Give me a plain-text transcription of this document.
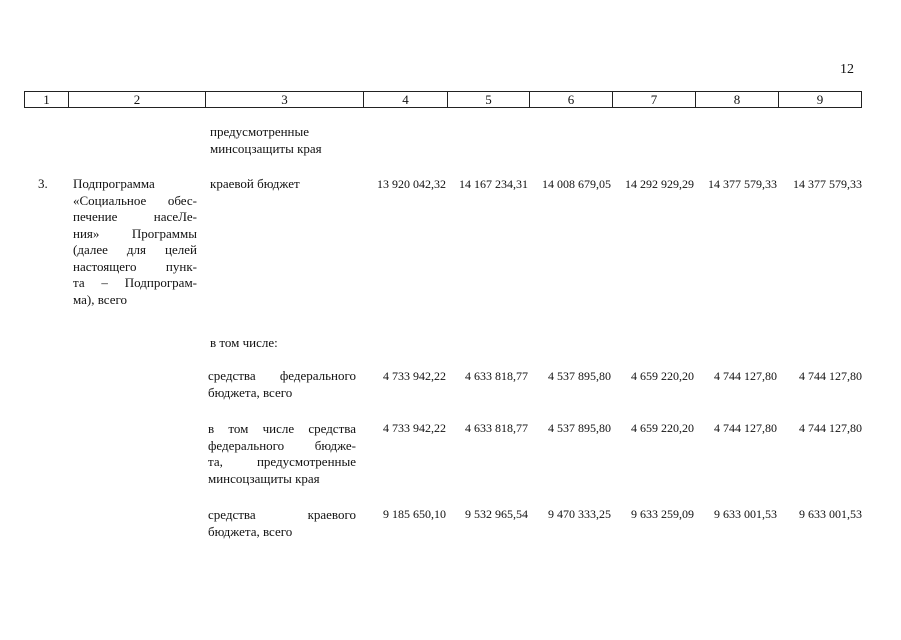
12
1	2	3	4	5	6	7	8	9
предусмотренные
минсоцзащиты края
3. Подпрограмма
«Социальное обес-
печение насеЛе-
ния» Программы
(далее для целей
настоящего пунк-
та – Подпрограм-
ма), всего
краевой бюджет	13 920 042,32	14 167 234,31	14 008 679,05	14 292 929,29	14 377 579,33	14 377 579,33
в том числе:
средства федерального
бюджета, всего
4 733 942,22	4 633 818,77	4 537 895,80	4 659 220,20	4 744 127,80	4 744 127,80
в том числе средства
федерального бюдже-
та, предусмотренные
минсоцзащиты края
4 733 942,22	4 633 818,77	4 537 895,80	4 659 220,20	4 744 127,80	4 744 127,80
средства краевого
бюджета, всего
9 185 650,10	9 532 965,54	9 470 333,25	9 633 259,09	9 633 001,53	9 633 001,53
